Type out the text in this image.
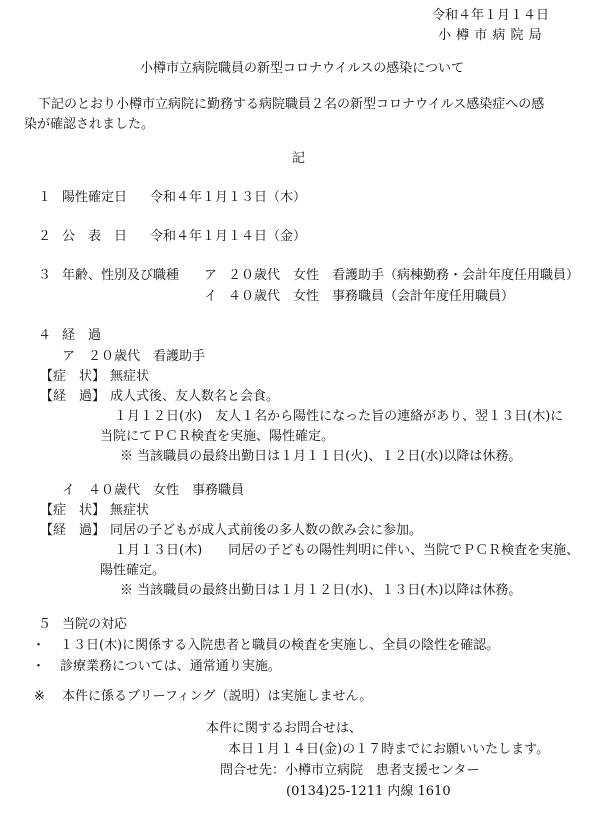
令和４年１月１４日
小 樽 市 病 院 局
小樽市立病院職員の新型コロナウイルスの感染について
下記のとおり小樽市立病院に勤務する病院職員２名の新型コロナウイルス感染症への感
染が確認されました。
記
１ 陽性確定日 令和４年１月１３日（木）
２ 公　表　日 令和４年１月１４日（金）
３ 年齢、性別及び職種 ア ２０歳代　女性　看護助手（病棟勤務・会計年度任用職員）
イ ４０歳代　女性　事務職員（会計年度任用職員）
４ 経　過
ア　２０歳代　看護助手
【症　状】 無症状
【経　過】 成人式後、友人数名と会食。
１月１２日(水)　友人１名から陽性になった旨の連絡があり、翌１３日(木)に
当院にてＰＣＲ検査を実施、陽性確定。
※ 当該職員の最終出勤日は１月１１日(火)、１２日(水)以降は休務。
イ　４０歳代　女性　事務職員
【症　状】 無症状
【経　過】 同居の子どもが成人式前後の多人数の飲み会に参加。
１月１３日(木)　　同居の子どもの陽性判明に伴い、当院でＰＣＲ検査を実施、
陽性確定。
※ 当該職員の最終出勤日は１月１２日(水)、１３日(木)以降は休務。
５ 当院の対応
・ １３日(木)に関係する入院患者と職員の検査を実施し、全員の陰性を確認。
・ 診療業務については、通常通り実施。
※ 本件に係るブリーフィング（説明）は実施しません。
本件に関するお問合せは、
本日１月１４日(金)の１７時までにお願いいたします。
問合せ先：小樽市立病院　患者支援センター
(0134)25-1211 内線 1610
